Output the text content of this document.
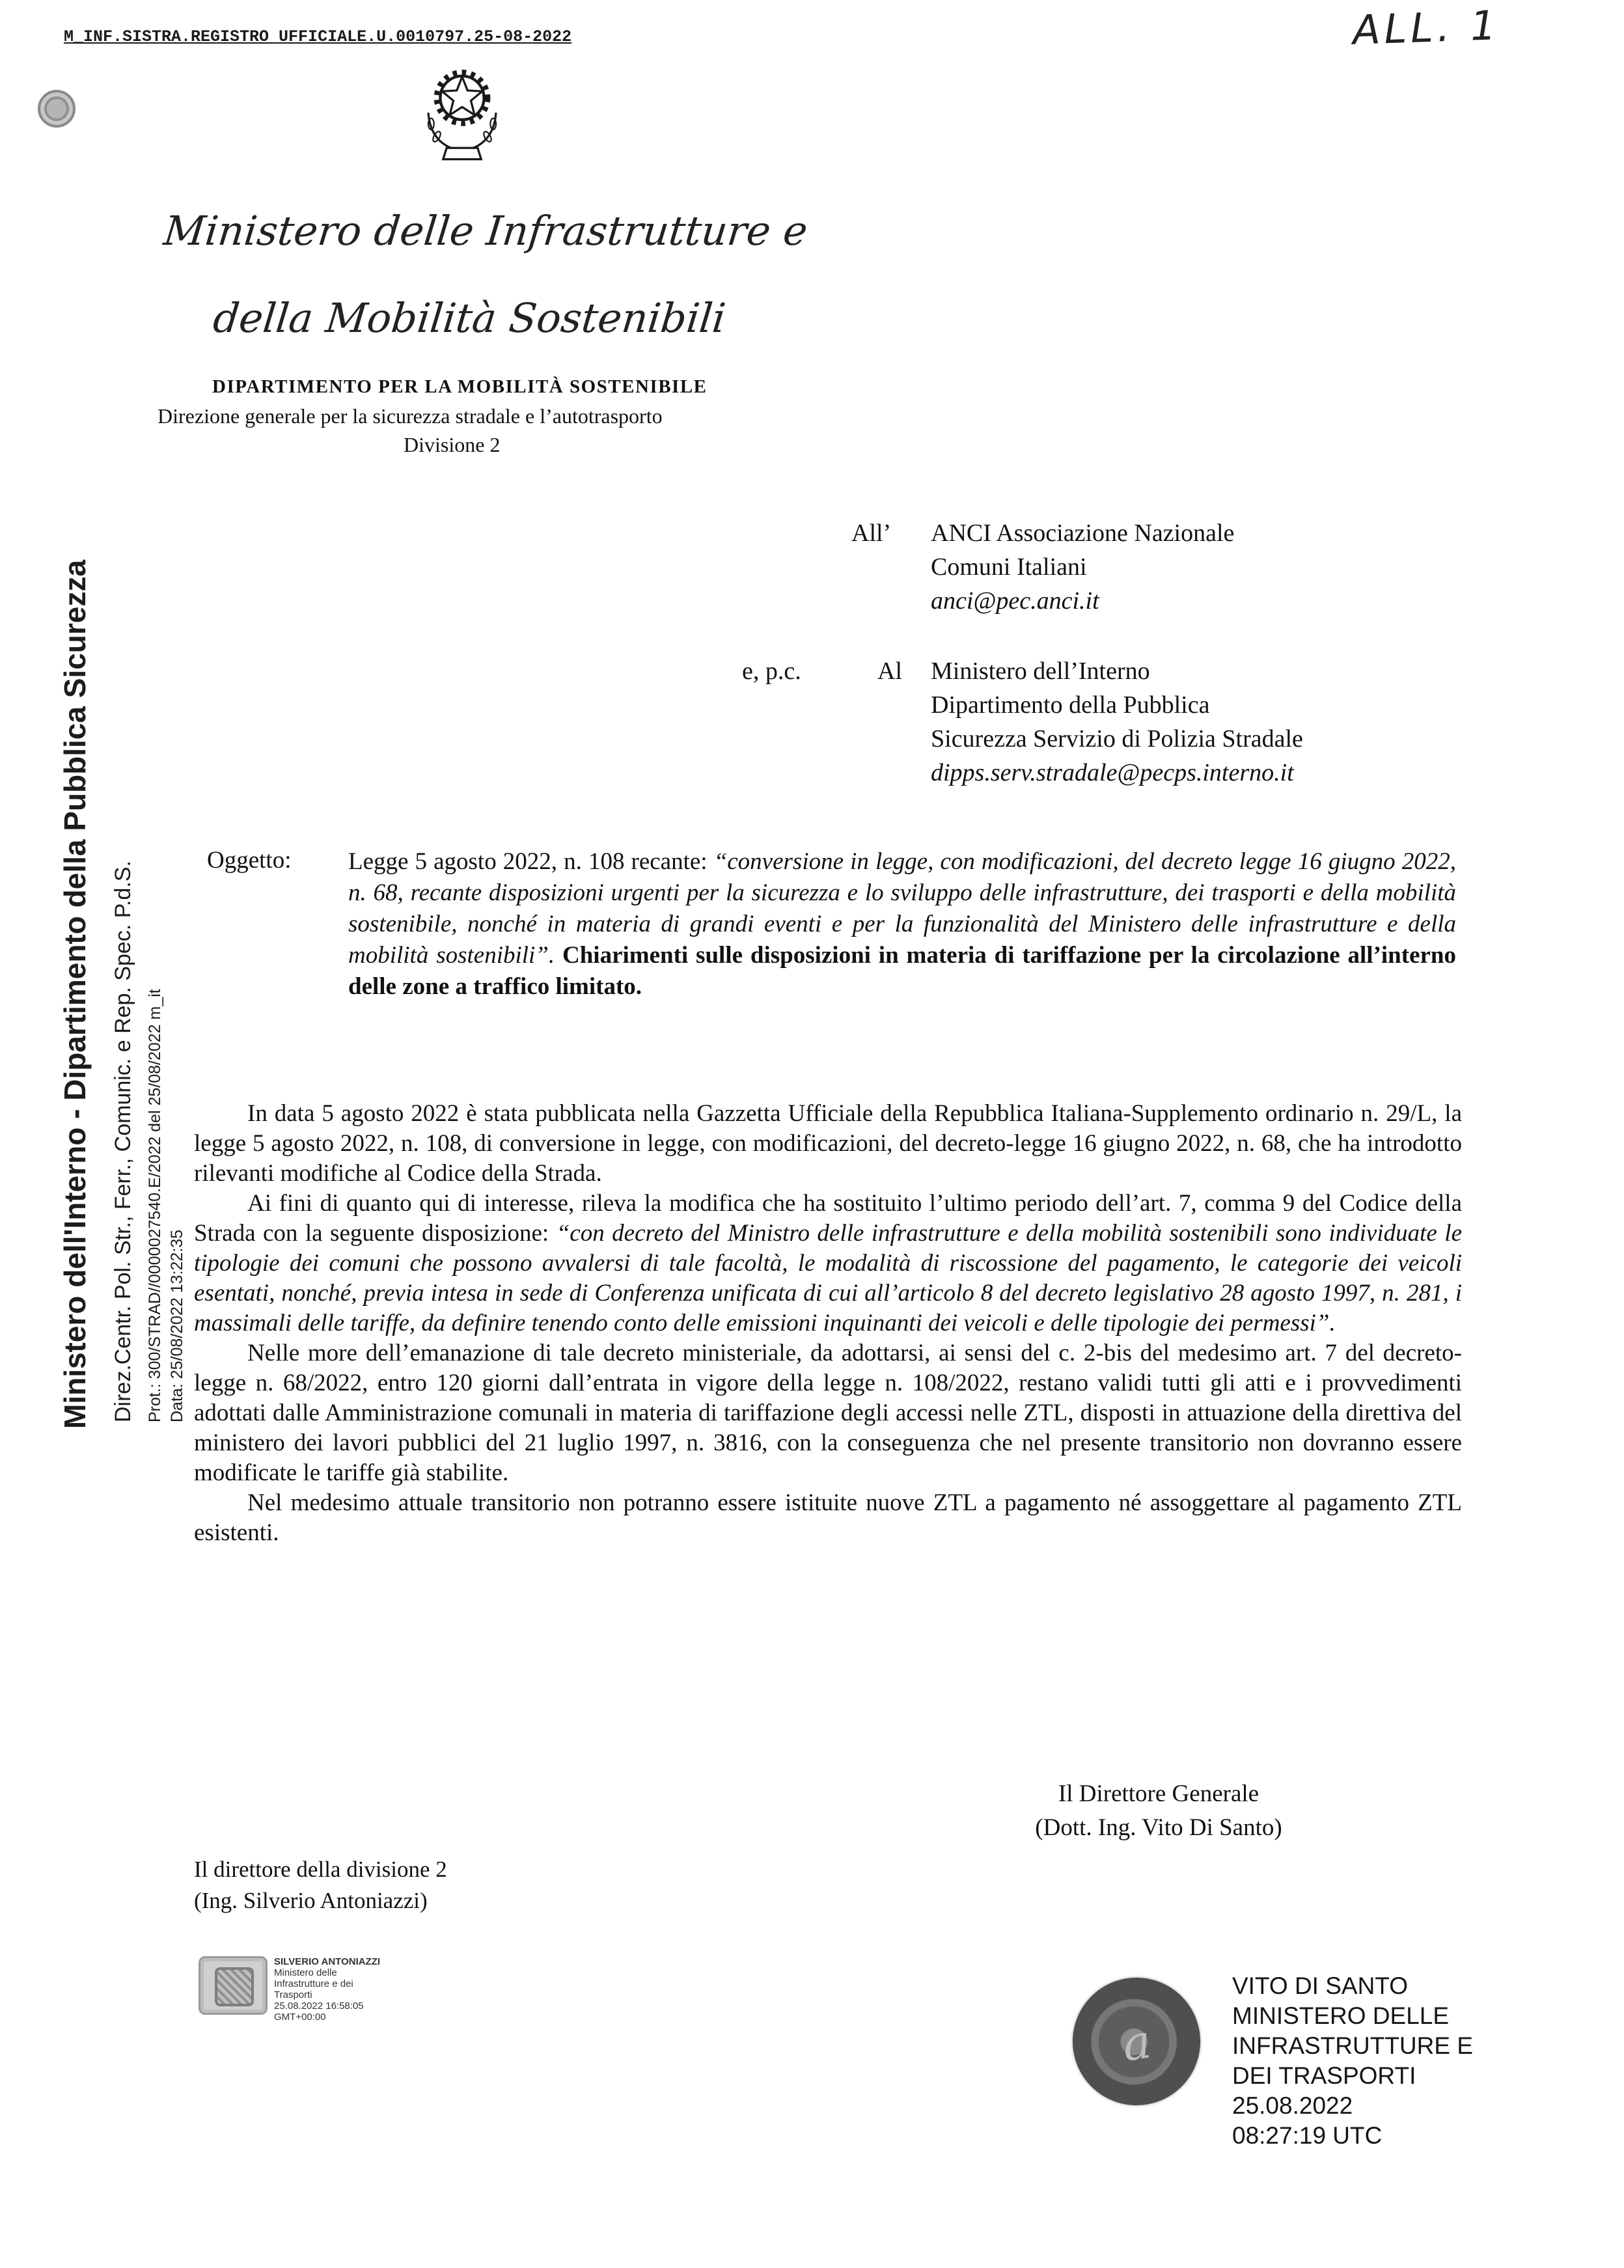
M_INF.SISTRA.REGISTRO UFFICIALE.U.0010797.25-08-2022	ALL. 1
Ministero delle Infrastrutture e
della Mobilità Sostenibili
DIPARTIMENTO PER LA MOBILITÀ SOSTENIBILE
Direzione generale per la sicurezza stradale e l’autotrasporto
Divisione 2
Ministero dell'Interno - Dipartimento della Pubblica Sicurezza Direz.Centr. Pol. Str., Ferr., Comunic. e Rep. Spec. P.d.S. Prot.: 300/STRAD//0000027540.E/2022 del 25/08/2022 m_it Data: 25/08/2022 13:22:35
All’ ANCI Associazione Nazionale
Comuni Italiani
anci@pec.anci.it
e, p.c.	Al Ministero dell’Interno
Dipartimento della Pubblica
Sicurezza Servizio di Polizia Stradale
dipps.serv.stradale@pecps.interno.it
Oggetto: Legge 5 agosto 2022, n. 108 recante: “conversione in legge, con modificazioni, del decreto legge 16 giugno 2022, n. 68, recante disposizioni urgenti per la sicurezza e lo sviluppo delle infrastrutture, dei trasporti e della mobilità sostenibile, nonché in materia di grandi eventi e per la funzionalità del Ministero delle infrastrutture e della mobilità sostenibili”. Chiarimenti sulle disposizioni in materia di tariffazione per la circolazione all’interno delle zone a traffico limitato.

In data 5 agosto 2022 è stata pubblicata nella Gazzetta Ufficiale della Repubblica Italiana-Supplemento ordinario n. 29/L, la legge 5 agosto 2022, n. 108, di conversione in legge, con modificazioni, del decreto-legge 16 giugno 2022, n. 68, che ha introdotto rilevanti modifiche al Codice della Strada.

Ai fini di quanto qui di interesse, rileva la modifica che ha sostituito l’ultimo periodo dell’art. 7, comma 9 del Codice della Strada con la seguente disposizione: “con decreto del Ministro delle infrastrutture e della mobilità sostenibili sono individuate le tipologie dei comuni che possono avvalersi di tale facoltà, le modalità di riscossione del pagamento, le categorie dei veicoli esentati, nonché, previa intesa in sede di Conferenza unificata di cui all’articolo 8 del decreto legislativo 28 agosto 1997, n. 281, i massimali delle tariffe, da definire tenendo conto delle emissioni inquinanti dei veicoli e delle tipologie dei permessi”.

Nelle more dell’emanazione di tale decreto ministeriale, da adottarsi, ai sensi del c. 2-bis del medesimo art. 7 del decreto-legge n. 68/2022, entro 120 giorni dall’entrata in vigore della legge n. 108/2022, restano validi tutti gli atti e i provvedimenti adottati dalle Amministrazione comunali in materia di tariffazione degli accessi nelle ZTL, disposti in attuazione della direttiva del ministero dei lavori pubblici del 21 luglio 1997, n. 3816, con la conseguenza che nel presente transitorio non dovranno essere modificate le tariffe già stabilite.

Nel medesimo attuale transitorio non potranno essere istituite nuove ZTL a pagamento né assoggettare al pagamento ZTL esistenti.

Il Direttore Generale
(Dott. Ing. Vito Di Santo)
Il direttore della divisione 2
(Ing. Silverio Antoniazzi)
SILVERIO ANTONIAZZI
Ministero delle
Infrastrutture e dei
Trasporti
25.08.2022 16:58:05
GMT+00:00	a
VITO DI SANTO
MINISTERO DELLE
INFRASTRUTTURE E
DEI TRASPORTI
25.08.2022
08:27:19 UTC
